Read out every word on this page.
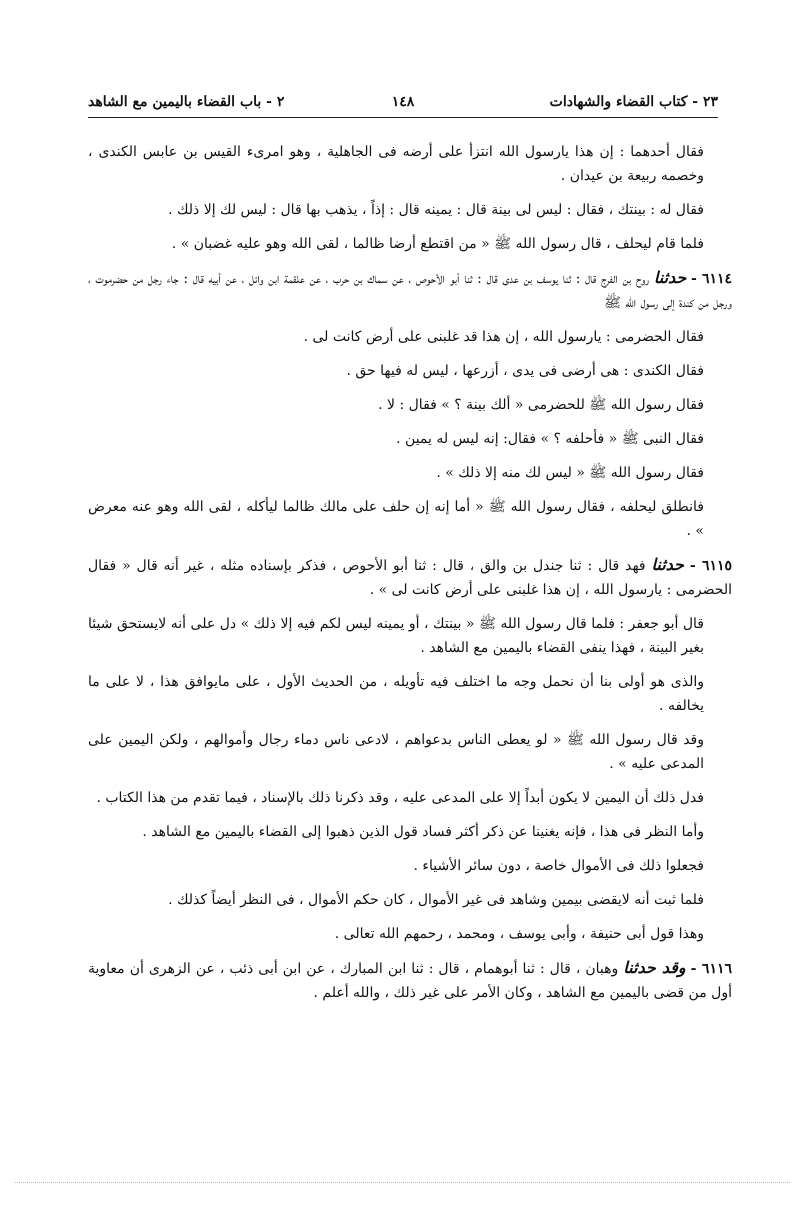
٢٣ - كتاب القضاء والشهادات
١٤٨
٢ - باب القضاء باليمين مع الشاهد

فقال أحدهما : إن هذا يارسول الله انتزأ على أرضه فى الجاهلية ، وهو امرىء القيس بن عابس الكندى ، وخصمه ربيعة بن عيدان .

فقال له : بينتك ، فقال : ليس لى بينة قال : يمينه قال : إذاً ، يذهب بها قال : ليس لك إلا ذلك .

فلما قام ليحلف ، قال رسول الله ﷺ « من اقتطع أرضا ظالما ، لقى الله وهو عليه غضبان » .

٦١١٤ - حدثنا روح بن الفرج قال : ثنا يوسف بن عدى قال : ثنا أبو الأحوص ، عن سماك بن حرب ، عن علقمة ابن وائل ، عن أبيه قال : جاء رجل من حضرموت ، ورجل من كندة إلى رسول الله ﷺ

فقال الحضرمى : يارسول الله ، إن هذا قد غلبنى على أرض كانت لى .

فقال الكندى : هى أرضى فى يدى ، أزرعها ، ليس له فيها حق .

فقال رسول الله ﷺ للحضرمى « ألك بينة ؟ » فقال : لا .

فقال النبى ﷺ « فأحلفه ؟ » فقال: إنه ليس له يمين .

فقال رسول الله ﷺ « ليس لك منه إلا ذلك » .

فانطلق ليحلفه ، فقال رسول الله ﷺ « أما إنه إن حلف على مالك ظالما ليأكله ، لقى الله وهو عنه معرض » .

٦١١٥ - حدثنا فهد قال : ثنا جندل بن والق ، قال : ثنا أبو الأحوص ، فذكر بإسناده مثله ، غير أنه قال « فقال الحضرمى : يارسول الله ، إن هذا غلبنى على أرض كانت لى » .

قال أبو جعفر : فلما قال رسول الله ﷺ « بينتك ، أو يمينه ليس لكم فيه إلا ذلك » دل على أنه لايستحق شيئا بغير البينة ، فهذا ينفى القضاء باليمين مع الشاهد .

والذى هو أولى بنا أن نحمل وجه ما اختلف فيه تأويله ، من الحديث الأول ، على مايوافق هذا ، لا على ما يخالفه .

وقد قال رسول الله ﷺ « لو يعطى الناس بدعواهم ، لادعى ناس دماء رجال وأموالهم ، ولكن اليمين على المدعى عليه » .

فدل ذلك أن اليمين لا يكون أبداً إلا على المدعى عليه ، وقد ذكرنا ذلك بالإسناد ، فيما تقدم من هذا الكتاب .

وأما النظر فى هذا ، فإنه يغنينا عن ذكر أكثر فساد قول الذين ذهبوا إلى القضاء باليمين مع الشاهد .

فجعلوا ذلك فى الأموال خاصة ، دون سائر الأشياء .

فلما ثبت أنه لايقضى بيمين وشاهد فى غير الأموال ، كان حكم الأموال ، فى النظر أيضاً كذلك .

وهذا قول أبى حنيفة ، وأبى يوسف ، ومحمد ، رحمهم الله تعالى .

٦١١٦ - وقد حدثنا وهبان ، قال : ثنا أبوهمام ، قال : ثنا ابن المبارك ، عن ابن أبى ذئب ، عن الزهرى أن معاوية أول من قضى باليمين مع الشاهد ، وكان الأمر على غير ذلك ، والله أعلم .
